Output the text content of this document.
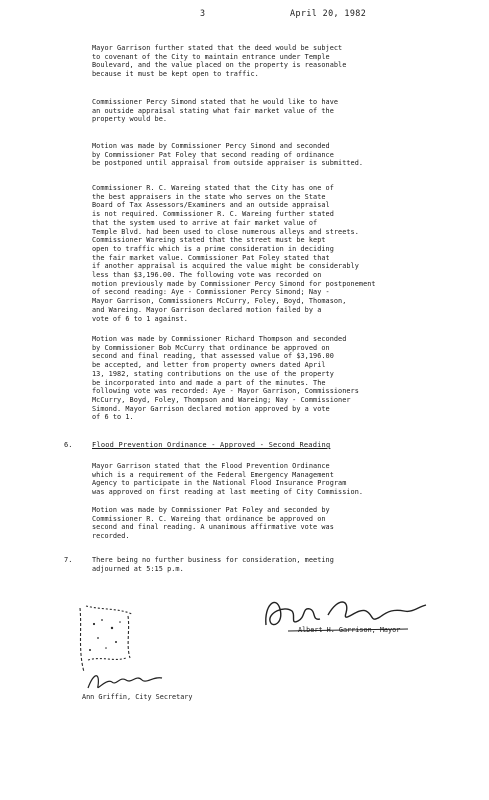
3	April 20, 1982
Mayor Garrison further stated that the deed would be subject
to covenant of the City to maintain entrance under Temple
Boulevard, and the value placed on the property is reasonable
because it must be kept open to traffic.
Commissioner Percy Simond stated that he would like to have
an outside appraisal stating what fair market value of the
property would be.
Motion was made by Commissioner Percy Simond and seconded
by Commissioner Pat Foley that second reading of ordinance
be postponed until appraisal from outside appraiser is submitted.
Commissioner R. C. Wareing stated that the City has one of
the best appraisers in the state who serves on the State
Board of Tax Assessors/Examiners and an outside appraisal
is not required. Commissioner R. C. Wareing further stated
that the system used to arrive at fair market value of
Temple Blvd. had been used to close numerous alleys and streets.
Commissioner Wareing stated that the street must be kept
open to traffic which is a prime consideration in deciding
the fair market value. Commissioner Pat Foley stated that
if another appraisal is acquired the value might be considerably
less than $3,196.00. The following vote was recorded on
motion previously made by Commissioner Percy Simond for postponement
of second reading: Aye - Commissioner Percy Simond; Nay -
Mayor Garrison, Commissioners McCurry, Foley, Boyd, Thomason,
and Wareing. Mayor Garrison declared motion failed by a
vote of 6 to 1 against.
Motion was made by Commissioner Richard Thompson and seconded
by Commissioner Bob McCurry that ordinance be approved on
second and final reading, that assessed value of $3,196.00
be accepted, and letter from property owners dated April
13, 1982, stating contributions on the use of the property
be incorporated into and made a part of the minutes. The
following vote was recorded: Aye - Mayor Garrison, Commissioners
McCurry, Boyd, Foley, Thompson and Wareing; Nay - Commissioner
Simond. Mayor Garrison declared motion approved by a vote
of 6 to 1.
6.	Flood Prevention Ordinance - Approved - Second Reading
Mayor Garrison stated that the Flood Prevention Ordinance
which is a requirement of the Federal Emergency Management
Agency to participate in the National Flood Insurance Program
was approved on first reading at last meeting of City Commission.
Motion was made by Commissioner Pat Foley and seconded by
Commissioner R. C. Wareing that ordinance be approved on
second and final reading. A unanimous affirmative vote was
recorded.
7.	There being no further business for consideration, meeting
adjourned at 5:15 p.m.
Ann Griffin, City Secretary
Albert H. Garrison, Mayor
